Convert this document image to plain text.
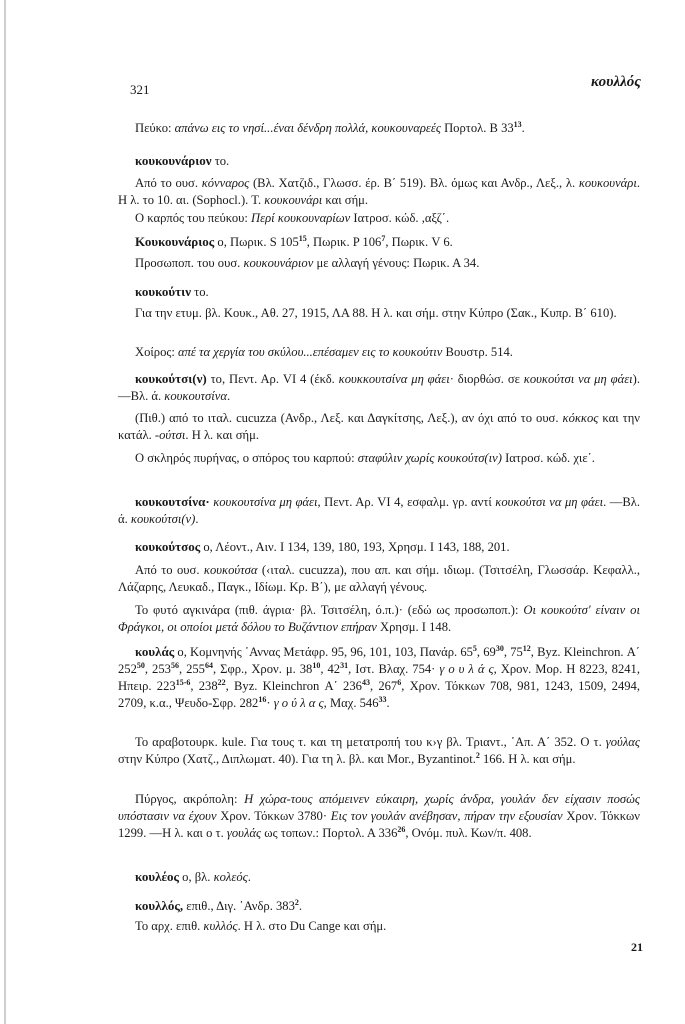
321	κουλλός
Πεύκο: απάνω εις το νησί...έναι δένδρη πολλά, κουκουναρεές Πορτολ. Β $33^{13}$.
κουκουνάριον το.
Από το ουσ. κόνναρος (Βλ. Χατζιδ., Γλωσσ. έρ. Β΄ 519). Βλ. όμως και Ανδρ., Λεξ., λ. κουκουνάρι. Η λ. το 10. αι. (Sophocl.). Τ. κουκουνάρι και σήμ.
Ο καρπός του πεύκου: Περί κουκουναρίων Ιατροσ. κώδ. ,αξζ΄.
Κουκουνάριος ο, Πωρικ. S $105^{15}$, Πωρικ. P $106^7$, Πωρικ. V 6.
Προσωποπ. του ουσ. κουκουνάριον με αλλαγή γένους: Πωρικ. Α 34.
κουκούτιν το.
Για την ετυμ. βλ. Κουκ., Αθ. 27, 1915, ΛΑ 88. Η λ. και σήμ. στην Κύπρο (Σακ., Κυπρ. Β΄ 610).
Χοίρος: απέ τα χεργία του σκύλου...επέσαμεν εις το κουκούτιν Βουστρ. 514.
κουκούτσι(ν) το, Πεντ. Αρ. VI 4 (έκδ. κουκκουτσίνα μη φάει· διορθώσ. σε κουκούτσι να μη φάει). —Βλ. ά. κουκουτσίνα.
(Πιθ.) από το ιταλ. cucuzza (Ανδρ., Λεξ. και Δαγκίτσης, Λεξ.), αν όχι από το ουσ. κόκκος και την κατάλ. -ούτσι. Η λ. και σήμ.
Ο σκληρός πυρήνας, ο σπόρος του καρπού: σταφύλιν χωρίς κουκούτσ(ιν) Ιατροσ. κώδ. χιε΄.
κουκουτσίνα· κουκουτσίνα μη φάει, Πεντ. Αρ. VI 4, εσφαλμ. γρ. αντί κουκούτσι να μη φάει. —Βλ. ά. κουκούτσι(ν).
κουκούτσος ο, Λέοντ., Αιν. Ι 134, 139, 180, 193, Χρησμ. Ι 143, 188, 201.
Από το ουσ. κουκούτσα (‹ιταλ. cucuzza), που απ. και σήμ. ιδιωμ. (Τσιτσέλη, Γλωσσάρ. Κεφαλλ., Λάζαρης, Λευκαδ., Παγκ., Ιδίωμ. Κρ. Β΄), με αλλαγή γένους.
Το φυτό αγκινάρα (πιθ. άγρια· βλ. Τσιτσέλη, ό.π.)· (εδώ ως προσωποπ.): Οι κουκούτσ' είναιν οι Φράγκοι, οι οποίοι μετά δόλου το Βυζάντιον επήραν Χρησμ. Ι 148.
κουλάς ο, Κομνηνής ῾Αννας Μετάφρ. 95, 96, 101, 103, Πανάρ. $65^5$, $69^{30}$, $75^{12}$, Byz. Kleinchron. Α΄ $252^{50}$, $253^{56}$, $255^{64}$, Σφρ., Χρον. μ. $38^{10}$, $42^{31}$, Ιστ. Βλαχ. 754· γ ο υ λ ά ς, Χρον. Μορ. Η 8223, 8241, Ηπειρ. 223$^{15-6}$, $238^{22}$, Byz. Kleinchron Α΄ $236^{43}$, $267^6$, Χρον. Τόκκων 708, 981, 1243, 1509, 2494, 2709, κ.α., Ψευδο-Σφρ. $282^{16}\cdot \gamma$ ο ύ λ α ς, Μαχ. $546^{33}$.
Το αραβοτουρκ. kule. Για τους τ. και τη μετατροπή του κ›γ βλ. Τριαντ., ῾Απ. Α΄ 352. Ο τ. γούλας στην Κύπρο (Χατζ., Διπλωματ. 40). Για τη λ. βλ. και Mor., Byzantinot.$^2$ 166. Η λ. και σήμ.
Πύργος, ακρόπολη: Η χώρα-τους απόμεινεν εύκαιρη, χωρίς άνδρα, γουλάν δεν είχασιν ποσώς υπόστασιν να έχουν Χρον. Τόκκων 3780· Εις τον γουλάν ανέβησαν, πήραν την εξουσίαν Χρον. Τόκκων 1299. —Η λ. και ο τ. γουλάς ως τοπων.: Πορτολ. Α $336^{26}$, Ονόμ. πυλ. Κων/π. 408.
κουλέος ο, βλ. κολεός.
κουλλός, επιθ., Διγ. ῾Ανδρ. $383^2$.
Το αρχ. επιθ. κυλλός. Η λ. στο Du Cange και σήμ.
21
